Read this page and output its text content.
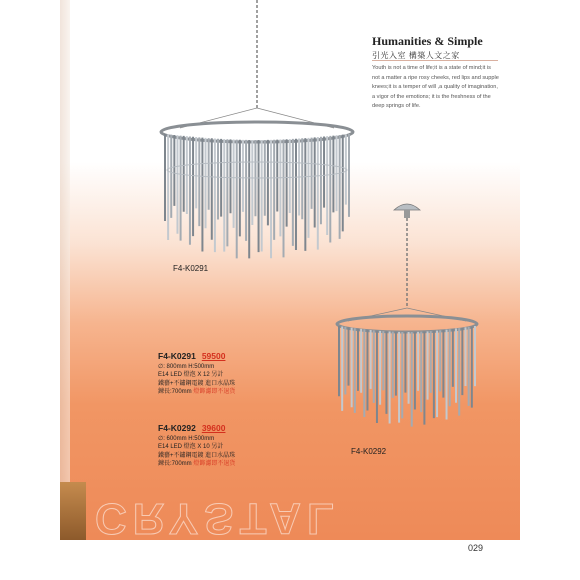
CRYSTAL
F4-K0291
F4-K0292
Humanities & Simple
引光入室 構築人文之家
Youth is not a time of life;it is a state of mind;it is
not a matter a ripe rosy cheeks, red lips and supple
knees;it is a temper of will ,a quality of imagination,
a vigor of the emotions; it is the freshness of the
deep springs of life.
F4-K0291 59500
∅: 800mm H:500mm
E14 LED 燈泡 X 12 另計
鐵藝+不鏽鋼電鍍 進口水晶珠
鍊長:700mm 燈飾濾即不退貨
F4-K0292 39600
∅: 600mm H:500mm
E14 LED 燈泡 X 10 另計
鐵藝+不鏽鋼電鍍 進口水晶珠
鍊長:700mm 燈飾濾即不退貨
029
